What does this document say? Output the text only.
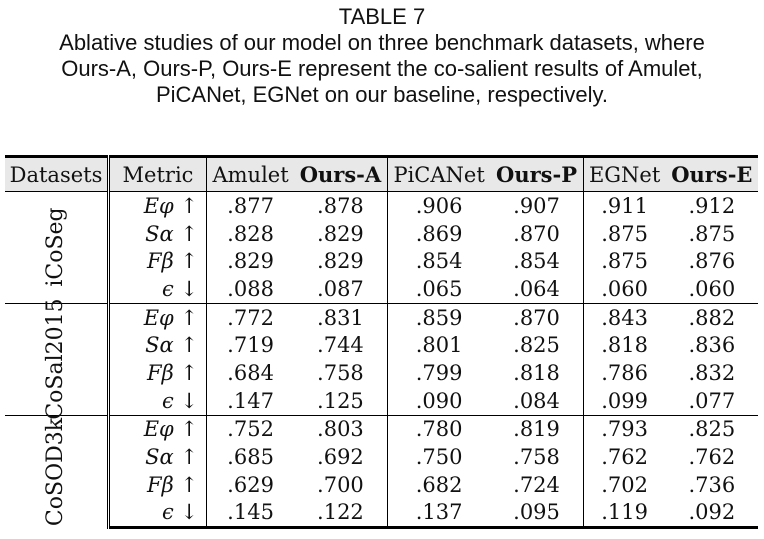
TABLE 7
Ablative studies of our model on three benchmark datasets, where
Ours-A, Ours-P, Ours-E represent the co-salient results of Amulet,
PiCANet, EGNet on our baseline, respectively.
Datasets	Metric	Amulet	Ours-A	PiCANet	Ours-P	EGNet	Ours-E

iCoSeg	Eφ ↑	.877	.878	.906	.907	.911	.912
	Sα ↑	.828	.829	.869	.870	.875	.875
	Fβ ↑	.829	.829	.854	.854	.875	.876
	ϵ ↓	.088	.087	.065	.064	.060	.060

CoSal2015	Eφ ↑	.772	.831	.859	.870	.843	.882
	Sα ↑	.719	.744	.801	.825	.818	.836
	Fβ ↑	.684	.758	.799	.818	.786	.832
	ϵ ↓	.147	.125	.090	.084	.099	.077

CoSOD3k	Eφ ↑	.752	.803	.780	.819	.793	.825
	Sα ↑	.685	.692	.750	.758	.762	.762
	Fβ ↑	.629	.700	.682	.724	.702	.736
	ϵ ↓	.145	.122	.137	.095	.119	.092
